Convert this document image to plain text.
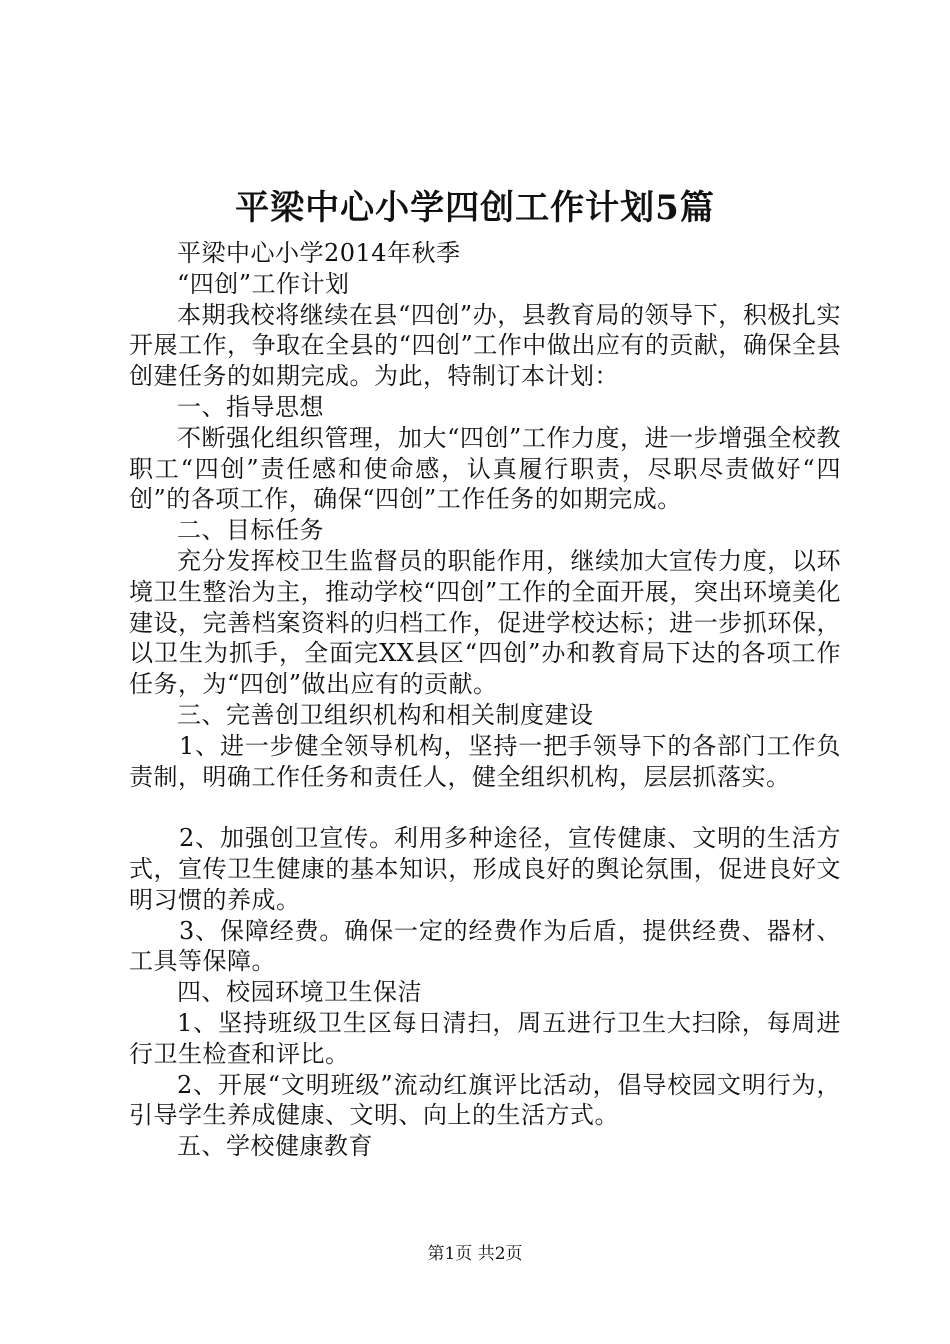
平梁中心小学四创工作计划5篇

平梁中心小学2014年秋季

“四创”工作计划

本期我校将继续在县“四创”办，县教育局的领导下，积极扎实开展工作，争取在全县的“四创”工作中做出应有的贡献，确保全县创建任务的如期完成。为此，特制订本计划：

一、指导思想

不断强化组织管理，加大“四创”工作力度，进一步增强全校教职工“四创”责任感和使命感，认真履行职责，尽职尽责做好“四创”的各项工作，确保“四创”工作任务的如期完成。

二、目标任务

充分发挥校卫生监督员的职能作用，继续加大宣传力度，以环境卫生整治为主，推动学校“四创”工作的全面开展，突出环境美化建设，完善档案资料的归档工作，促进学校达标；进一步抓环保，以卫生为抓手，全面完XX县区“四创”办和教育局下达的各项工作任务，为“四创”做出应有的贡献。

三、完善创卫组织机构和相关制度建设

1、进一步健全领导机构，坚持一把手领导下的各部门工作负责制，明确工作任务和责任人，健全组织机构，层层抓落实。

2、加强创卫宣传。利用多种途径，宣传健康、文明的生活方式，宣传卫生健康的基本知识，形成良好的舆论氛围，促进良好文明习惯的养成。

3、保障经费。确保一定的经费作为后盾，提供经费、器材、工具等保障。

四、校园环境卫生保洁

1、坚持班级卫生区每日清扫，周五进行卫生大扫除，每周进行卫生检查和评比。

2、开展“文明班级”流动红旗评比活动，倡导校园文明行为，引导学生养成健康、文明、向上的生活方式。

五、学校健康教育

第1页 共2页
